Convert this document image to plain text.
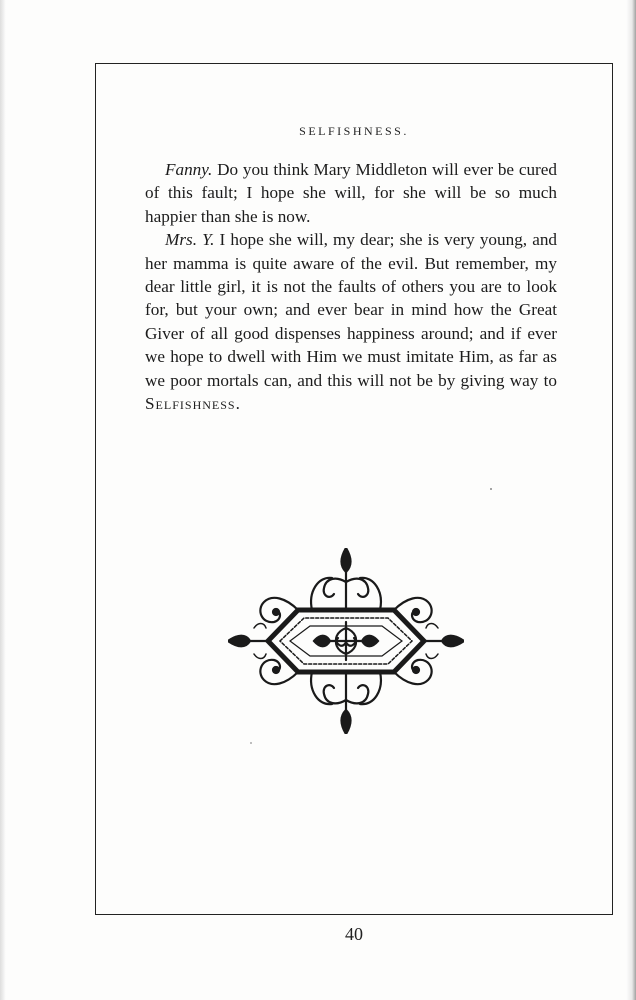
SELFISHNESS.

Fanny. Do you think Mary Middleton will ever be cured of this fault; I hope she will, for she will be so much happier than she is now.

Mrs. Y. I hope she will, my dear; she is very young, and her mamma is quite aware of the evil. But remember, my dear little girl, it is not the faults of others you are to look for, but your own; and ever bear in mind how the Great Giver of all good dispenses happiness around; and if ever we hope to dwell with Him we must imitate Him, as far as we poor mortals can, and this will not be by giving way to Selfishness.

40
